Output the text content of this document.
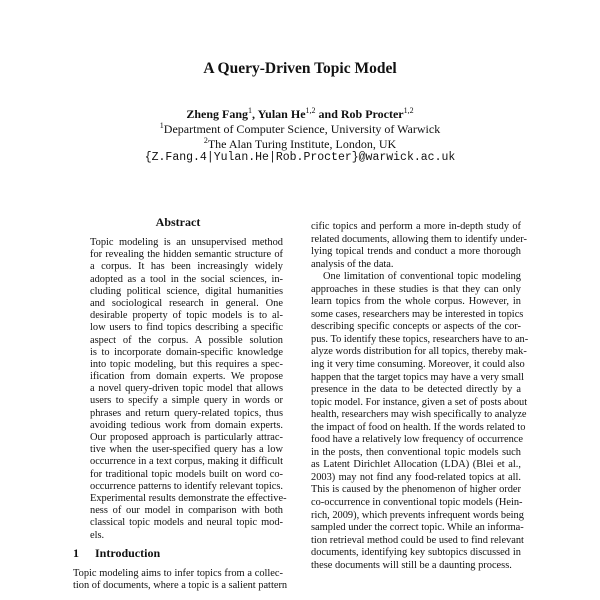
A Query-Driven Topic Model
Zheng Fang$^1$, Yulan He$^{1,2}$ and Rob Procter$^{1,2}$
$^1$Department of Computer Science, University of Warwick
$^2$The Alan Turing Institute, London, UK
{Z.Fang.4|Yulan.He|Rob.Procter}@warwick.ac.uk
Abstract
Topic modeling is an unsupervised method
for revealing the hidden semantic structure of
a corpus. It has been increasingly widely
adopted as a tool in the social sciences, in-
cluding political science, digital humanities
and sociological research in general. One
desirable property of topic models is to al-
low users to find topics describing a specific
aspect of the corpus. A possible solution
is to incorporate domain-specific knowledge
into topic modeling, but this requires a spec-
ification from domain experts. We propose
a novel query-driven topic model that allows
users to specify a simple query in words or
phrases and return query-related topics, thus
avoiding tedious work from domain experts.
Our proposed approach is particularly attrac-
tive when the user-specified query has a low
occurrence in a text corpus, making it difficult
for traditional topic models built on word co-
occurrence patterns to identify relevant topics.
Experimental results demonstrate the effective-
ness of our model in comparison with both
classical topic models and neural topic mod-
els.
1 Introduction
Topic modeling aims to infer topics from a collec-
tion of documents, where a topic is a salient pattern
cific topics and perform a more in-depth study of
related documents, allowing them to identify under-
lying topical trends and conduct a more thorough
analysis of the data.
One limitation of conventional topic modeling
approaches in these studies is that they can only
learn topics from the whole corpus. However, in
some cases, researchers may be interested in topics
describing specific concepts or aspects of the cor-
pus. To identify these topics, researchers have to an-
alyze words distribution for all topics, thereby mak-
ing it very time consuming. Moreover, it could also
happen that the target topics may have a very small
presence in the data to be detected directly by a
topic model. For instance, given a set of posts about
health, researchers may wish specifically to analyze
the impact of food on health. If the words related to
food have a relatively low frequency of occurrence
in the posts, then conventional topic models such
as Latent Dirichlet Allocation (LDA) (Blei et al.,
2003) may not find any food-related topics at all.
This is caused by the phenomenon of higher order
co-occurrence in conventional topic models (Hein-
rich, 2009), which prevents infrequent words being
sampled under the correct topic. While an informa-
tion retrieval method could be used to find relevant
documents, identifying key subtopics discussed in
these documents will still be a daunting process.
